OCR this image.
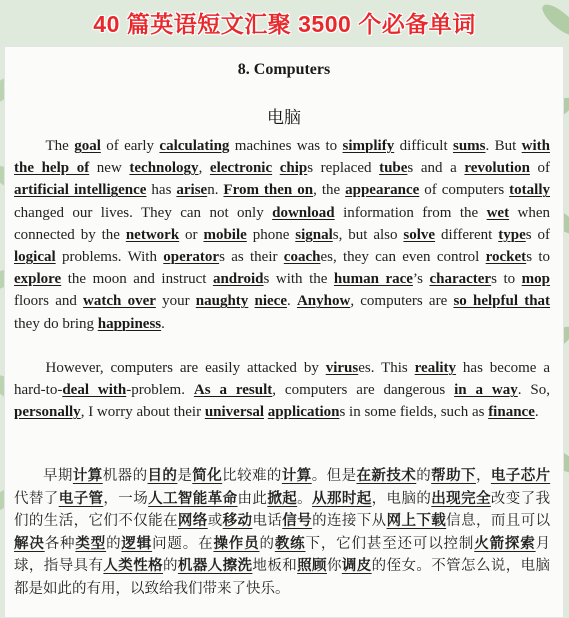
40 篇英语短文汇聚 3500 个必备单词
8. Computers
电脑

The goal of early calculating machines was to simplify difficult sums. But with the help of new technology, electronic chips replaced tubes and a revolution of artificial intelligence has arisen. From then on, the appearance of computers totally changed our lives. They can not only download information from the wet when connected by the network or mobile phone signals, but also solve different types of logical problems. With operators as their coaches, they can even control rockets to explore the moon and instruct androids with the human race’s characters to mop floors and watch over your naughty niece. Anyhow, computers are so helpful that they do bring happiness.

However, computers are easily attacked by viruses. This reality has become a hard-to-deal with-problem. As a result, computers are dangerous in a way. So, personally, I worry about their universal applications in some fields, such as finance.

早期计算机器的目的是简化比较难的计算。但是在新技术的帮助下，电子芯片代替了电子管，一场人工智能革命由此掀起。从那时起，电脑的出现完全改变了我们的生活，它们不仅能在网络或移动电话信号的连接下从网上下载信息，而且可以解决各种类型的逻辑问题。在操作员的教练下，它们甚至还可以控制火箭探索月球，指导具有人类性格的机器人擦洗地板和照顾你调皮的侄女。不管怎么说，电脑都是如此的有用，以致给我们带来了快乐。
